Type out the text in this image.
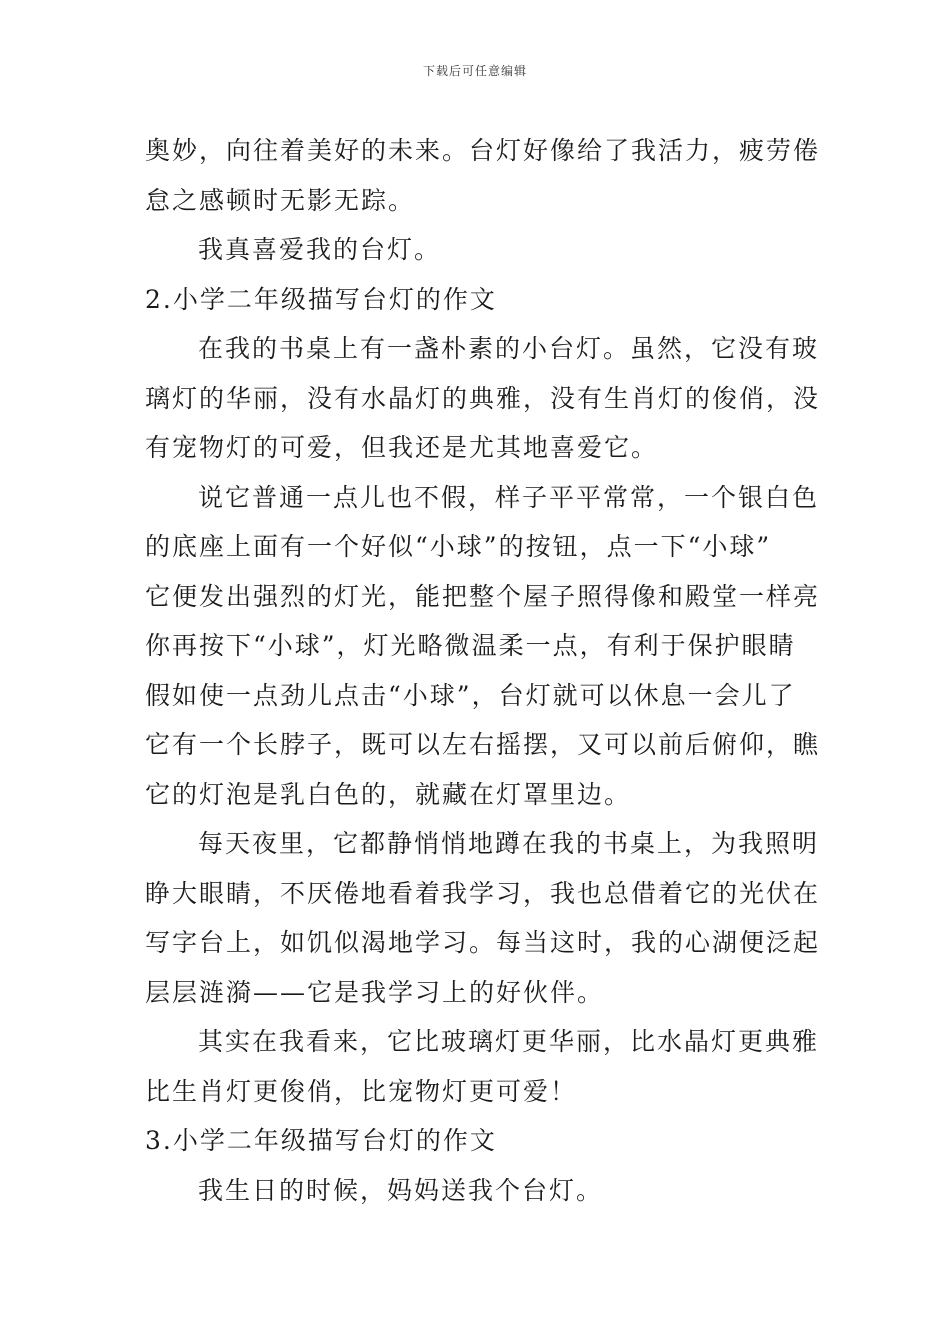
下载后可任意编辑
奥妙，向往着美好的未来。台灯好像给了我活力，疲劳倦
怠之感顿时无影无踪。
我真喜爱我的台灯。
2.小学二年级描写台灯的作文
在我的书桌上有一盏朴素的小台灯。虽然，它没有玻
璃灯的华丽，没有水晶灯的典雅，没有生肖灯的俊俏，没
有宠物灯的可爱，但我还是尤其地喜爱它。
说它普通一点儿也不假，样子平平常常，一个银白色
的底座上面有一个好似“小球”的按钮，点一下“小球”
它便发出强烈的灯光，能把整个屋子照得像和殿堂一样亮
你再按下“小球”，灯光略微温柔一点，有利于保护眼睛
假如使一点劲儿点击“小球”，台灯就可以休息一会儿了
它有一个长脖子，既可以左右摇摆，又可以前后俯仰，瞧
它的灯泡是乳白色的，就藏在灯罩里边。
每天夜里，它都静悄悄地蹲在我的书桌上，为我照明
睁大眼睛，不厌倦地看着我学习，我也总借着它的光伏在
写字台上，如饥似渴地学习。每当这时，我的心湖便泛起
层层涟漪——它是我学习上的好伙伴。
其实在我看来，它比玻璃灯更华丽，比水晶灯更典雅
比生肖灯更俊俏，比宠物灯更可爱！
3.小学二年级描写台灯的作文
我生日的时候，妈妈送我个台灯。
